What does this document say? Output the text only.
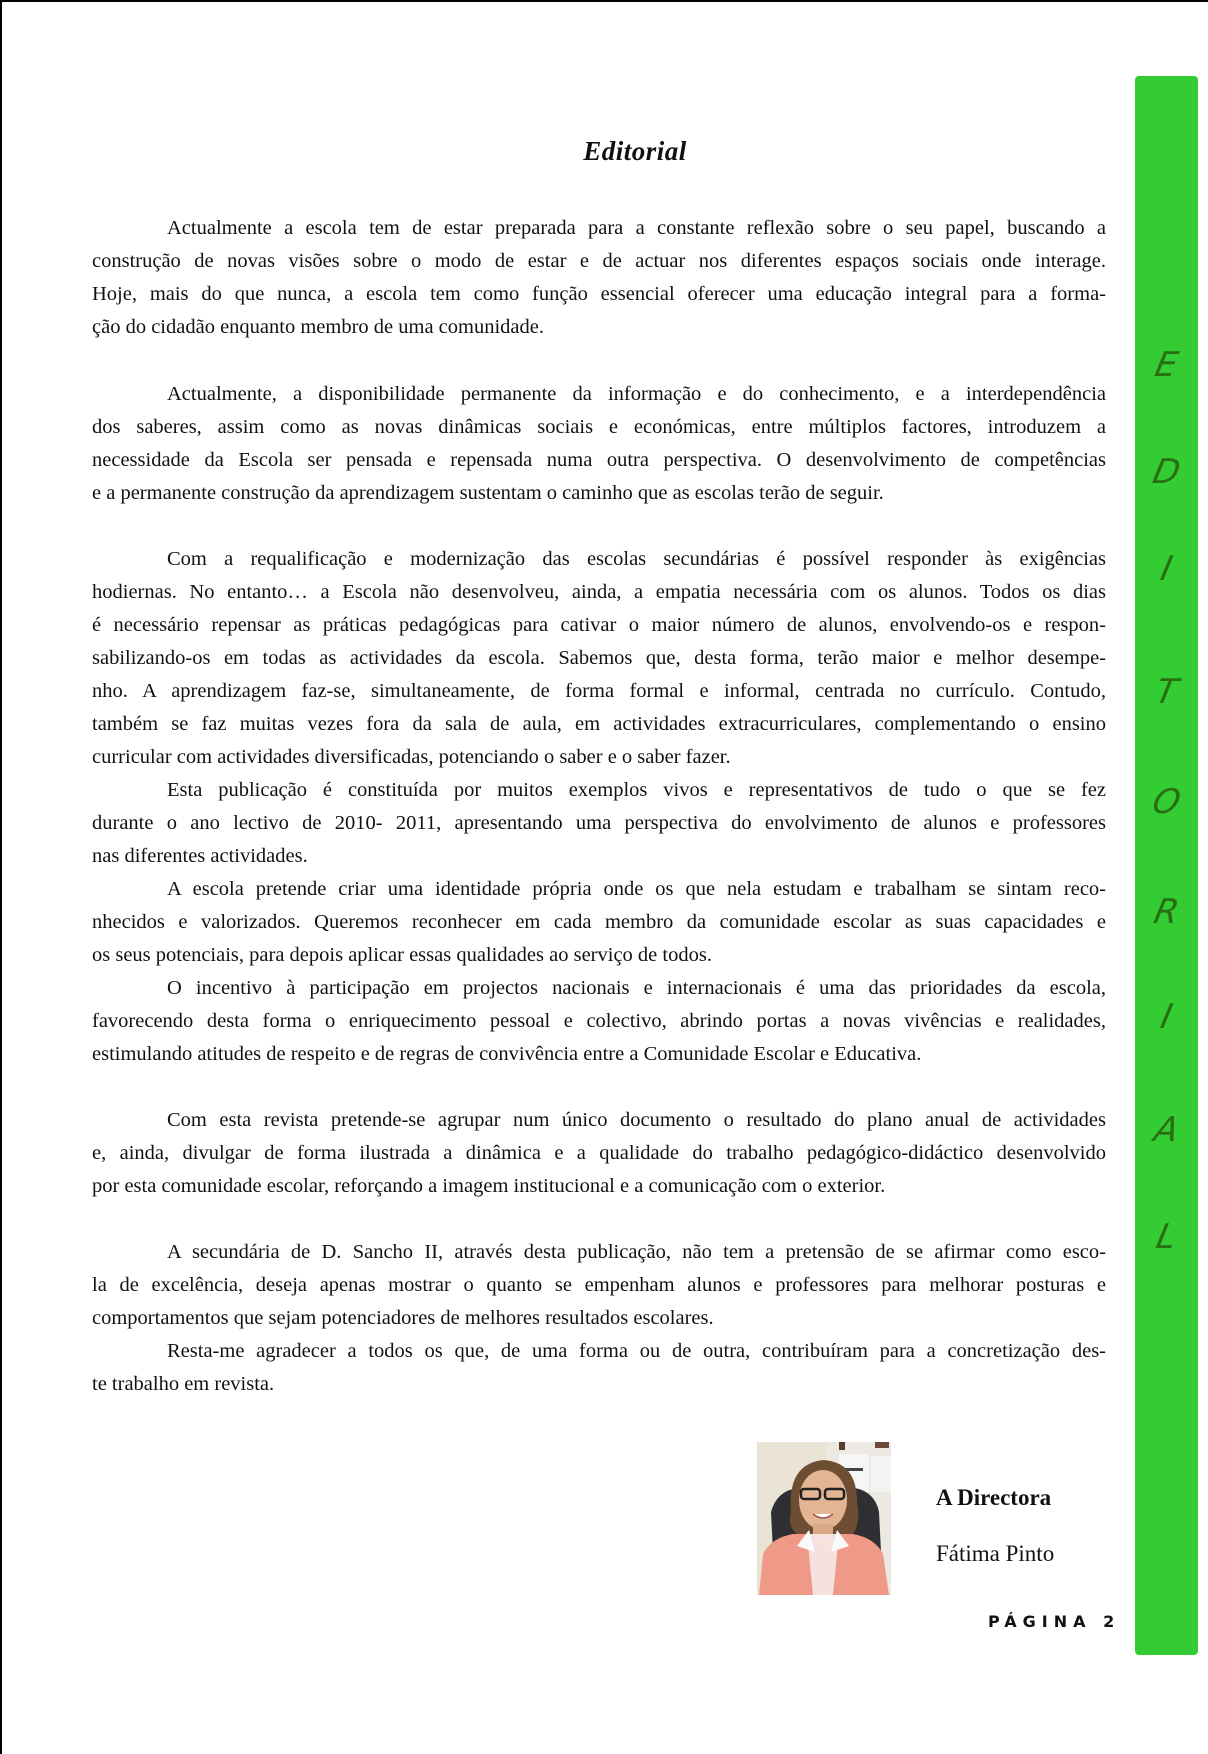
Editorial
Actualmente a escola tem de estar preparada para a constante reflexão sobre o seu papel, buscando a
construção de novas visões sobre o modo de estar e de actuar nos diferentes espaços sociais onde interage.
Hoje, mais do que nunca, a escola tem como função essencial oferecer uma educação integral para a forma-
ção do cidadão enquanto membro de uma comunidade.
Actualmente, a disponibilidade permanente da informação e do conhecimento, e a interdependência
dos saberes, assim como as novas dinâmicas sociais e económicas, entre múltiplos factores, introduzem a
necessidade da Escola ser pensada e repensada numa outra perspectiva. O desenvolvimento de competências
e a permanente construção da aprendizagem sustentam o caminho que as escolas terão de seguir.
Com a requalificação e modernização das escolas secundárias é possível responder às exigências
hodiernas. No entanto… a Escola não desenvolveu, ainda, a empatia necessária com os alunos. Todos os dias
é necessário repensar as práticas pedagógicas para cativar o maior número de alunos, envolvendo-os e respon-
sabilizando-os em todas as actividades da escola. Sabemos que, desta forma, terão maior e melhor desempe-
nho. A aprendizagem faz-se, simultaneamente, de forma formal e informal, centrada no currículo. Contudo,
também se faz muitas vezes fora da sala de aula, em actividades extracurriculares, complementando o ensino
curricular com actividades diversificadas, potenciando o saber e o saber fazer.
Esta publicação é constituída por muitos exemplos vivos e representativos de tudo o que se fez
durante o ano lectivo de 2010- 2011, apresentando uma perspectiva do envolvimento de alunos e professores
nas diferentes actividades.
A escola pretende criar uma identidade própria onde os que nela estudam e trabalham se sintam reco-
nhecidos e valorizados. Queremos reconhecer em cada membro da comunidade escolar as suas capacidades e
os seus potenciais, para depois aplicar essas qualidades ao serviço de todos.
O incentivo à participação em projectos nacionais e internacionais é uma das prioridades da escola,
favorecendo desta forma o enriquecimento pessoal e colectivo, abrindo portas a novas vivências e realidades,
estimulando atitudes de respeito e de regras de convivência entre a Comunidade Escolar e Educativa.
Com esta revista pretende-se agrupar num único documento o resultado do plano anual de actividades
e, ainda, divulgar de forma ilustrada a dinâmica e a qualidade do trabalho pedagógico-didáctico desenvolvido
por esta comunidade escolar, reforçando a imagem institucional e a comunicação com o exterior.
A secundária de D. Sancho II, através desta publicação, não tem a pretensão de se afirmar como esco-
la de excelência, deseja apenas mostrar o quanto se empenham alunos e professores para melhorar posturas e
comportamentos que sejam potenciadores de melhores resultados escolares.
Resta-me agradecer a todos os que, de uma forma ou de outra, contribuíram para a concretização des-
te trabalho em revista.
E
D
I
T
O
R
I
A
L
A Directora
Fátima Pinto
PÁGINA 2
